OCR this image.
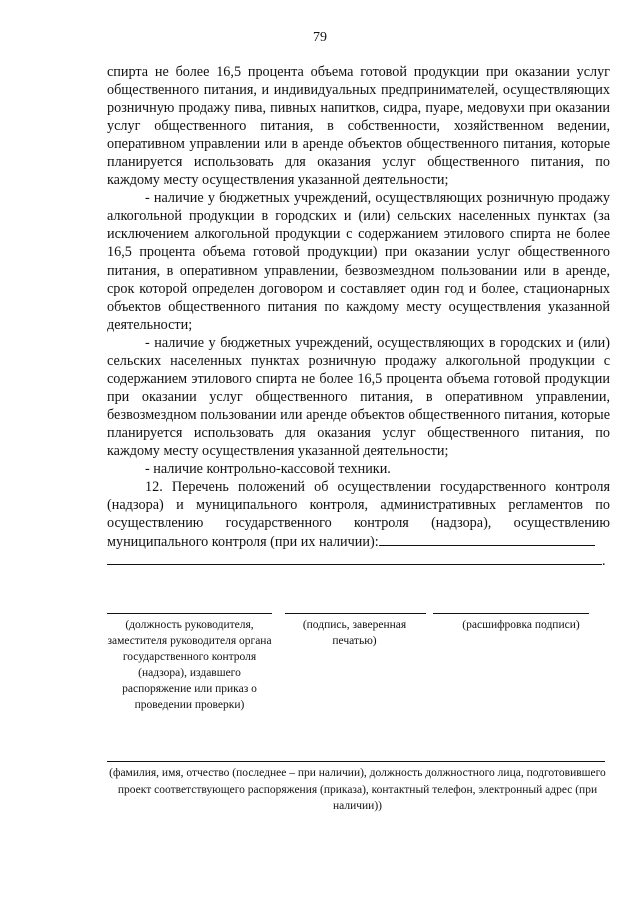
79

спирта не более 16,5 процента объема готовой продукции при оказании услуг общественного питания, и индивидуальных предпринимателей, осуществляющих розничную продажу пива, пивных напитков, сидра, пуаре, медовухи при оказании услуг общественного питания, в собственности, хозяйственном ведении, оперативном управлении или в аренде объектов общественного питания, которые планируется использовать для оказания услуг общественного питания, по каждому месту осуществления указанной деятельности;

- наличие у бюджетных учреждений, осуществляющих розничную продажу алкогольной продукции в городских и (или) сельских населенных пунктах (за исключением алкогольной продукции с содержанием этилового спирта не более 16,5 процента объема готовой продукции) при оказании услуг общественного питания, в оперативном управлении, безвозмездном пользовании или в аренде, срок которой определен договором и составляет один год и более, стационарных объектов общественного питания по каждому месту осуществления указанной деятельности;

- наличие у бюджетных учреждений, осуществляющих в городских и (или) сельских населенных пунктах розничную продажу алкогольной продукции с содержанием этилового спирта не более 16,5 процента объема готовой продукции при оказании услуг общественного питания, в оперативном управлении, безвозмездном пользовании или аренде объектов общественного питания, которые планируется использовать для оказания услуг общественного питания, по каждому месту осуществления указанной деятельности;

- наличие контрольно-кассовой техники.

12. Перечень положений об осуществлении государственного контроля (надзора) и муниципального контроля, административных регламентов по осуществлению государственного контроля (надзора), осуществлению муниципального контроля (при их наличии):

.
(должность руководителя, заместителя руководителя органа государственного контроля (надзора), издавшего распоряжение или приказ о проведении проверки)
(подпись, заверенная печатью)
(расшифровка подписи)
(фамилия, имя, отчество (последнее – при наличии), должность должностного лица, подготовившего проект соответствующего распоряжения (приказа), контактный телефон, электронный адрес (при наличии))
